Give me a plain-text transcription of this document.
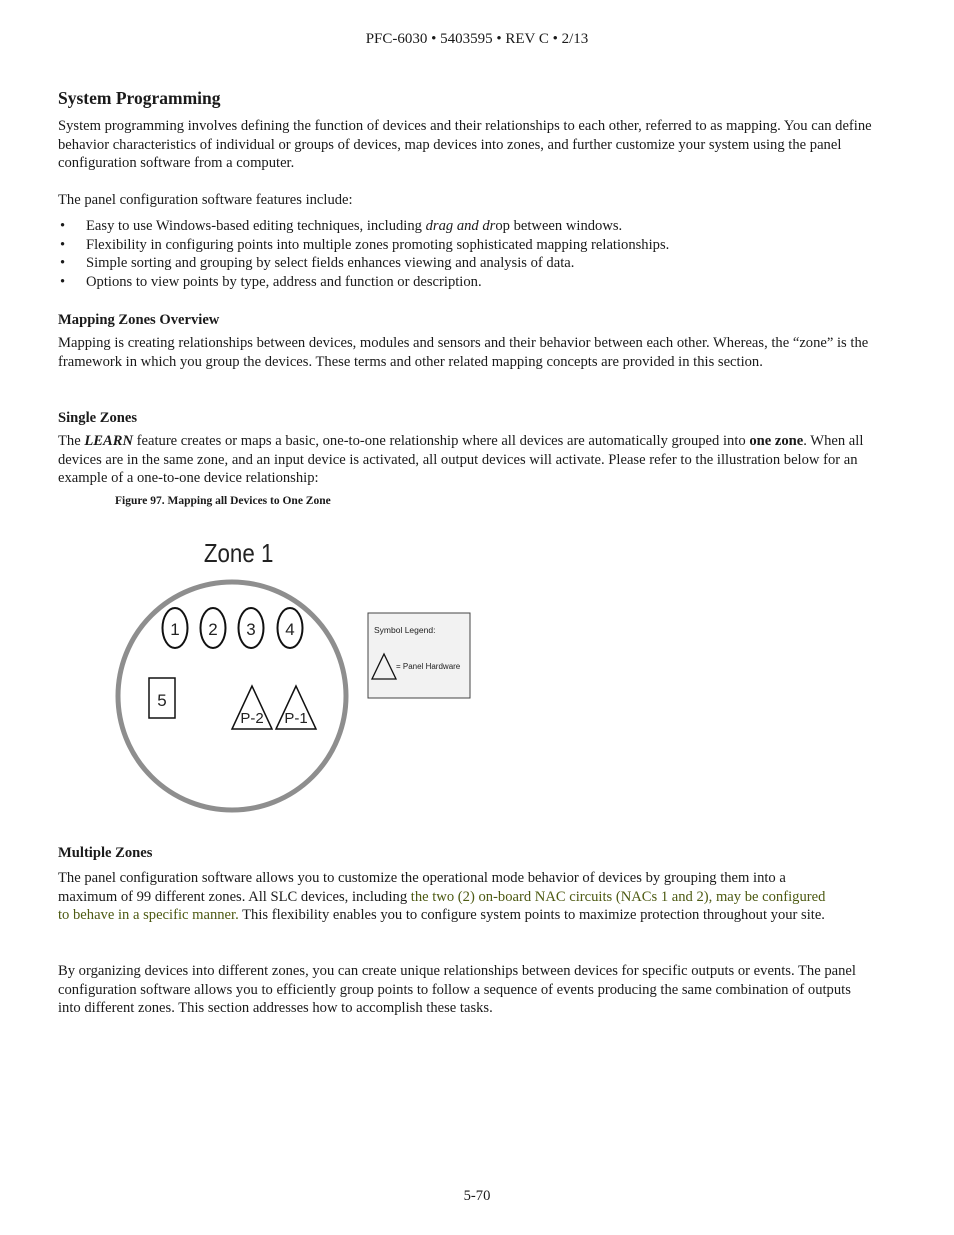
PFC-6030 • 5403595 • REV C • 2/13
System Programming
System programming involves defining the function of devices and their relationships to each other, referred to as mapping. You can define behavior characteristics of individual or groups of devices, map devices into zones, and further customize your system using the panel configuration software from a computer.
The panel configuration software features include:
• Easy to use Windows-based editing techniques, including drag and drop between windows.
• Flexibility in configuring points into multiple zones promoting sophisticated mapping relationships.
• Simple sorting and grouping by select fields enhances viewing and analysis of data.
• Options to view points by type, address and function or description.
Mapping Zones Overview
Mapping is creating relationships between devices, modules and sensors and their behavior between each other. Whereas, the “zone” is the framework in which you group the devices. These terms and other related mapping concepts are provided in this section.
Single Zones
The LEARN feature creates or maps a basic, one-to-one relationship where all devices are automatically grouped into one zone. When all devices are in the same zone, and an input device is activated, all output devices will activate. Please refer to the illustration below for an example of a one-to-one device relationship:
Figure 97. Mapping all Devices to One Zone
Zone 1
1 2 3 4
5
P-2 P-1
Symbol Legend:
= Panel Hardware
Multiple Zones
The panel configuration software allows you to customize the operational mode behavior of devices by grouping them into a maximum of 99 different zones. All SLC devices, including the two (2) on-board NAC circuits (NACs 1 and 2), may be configured to behave in a specific manner. This flexibility enables you to configure system points to maximize protection throughout your site.
By organizing devices into different zones, you can create unique relationships between devices for specific outputs or events. The panel configuration software allows you to efficiently group points to follow a sequence of events producing the same combination of outputs into different zones. This section addresses how to accomplish these tasks.
5-70
